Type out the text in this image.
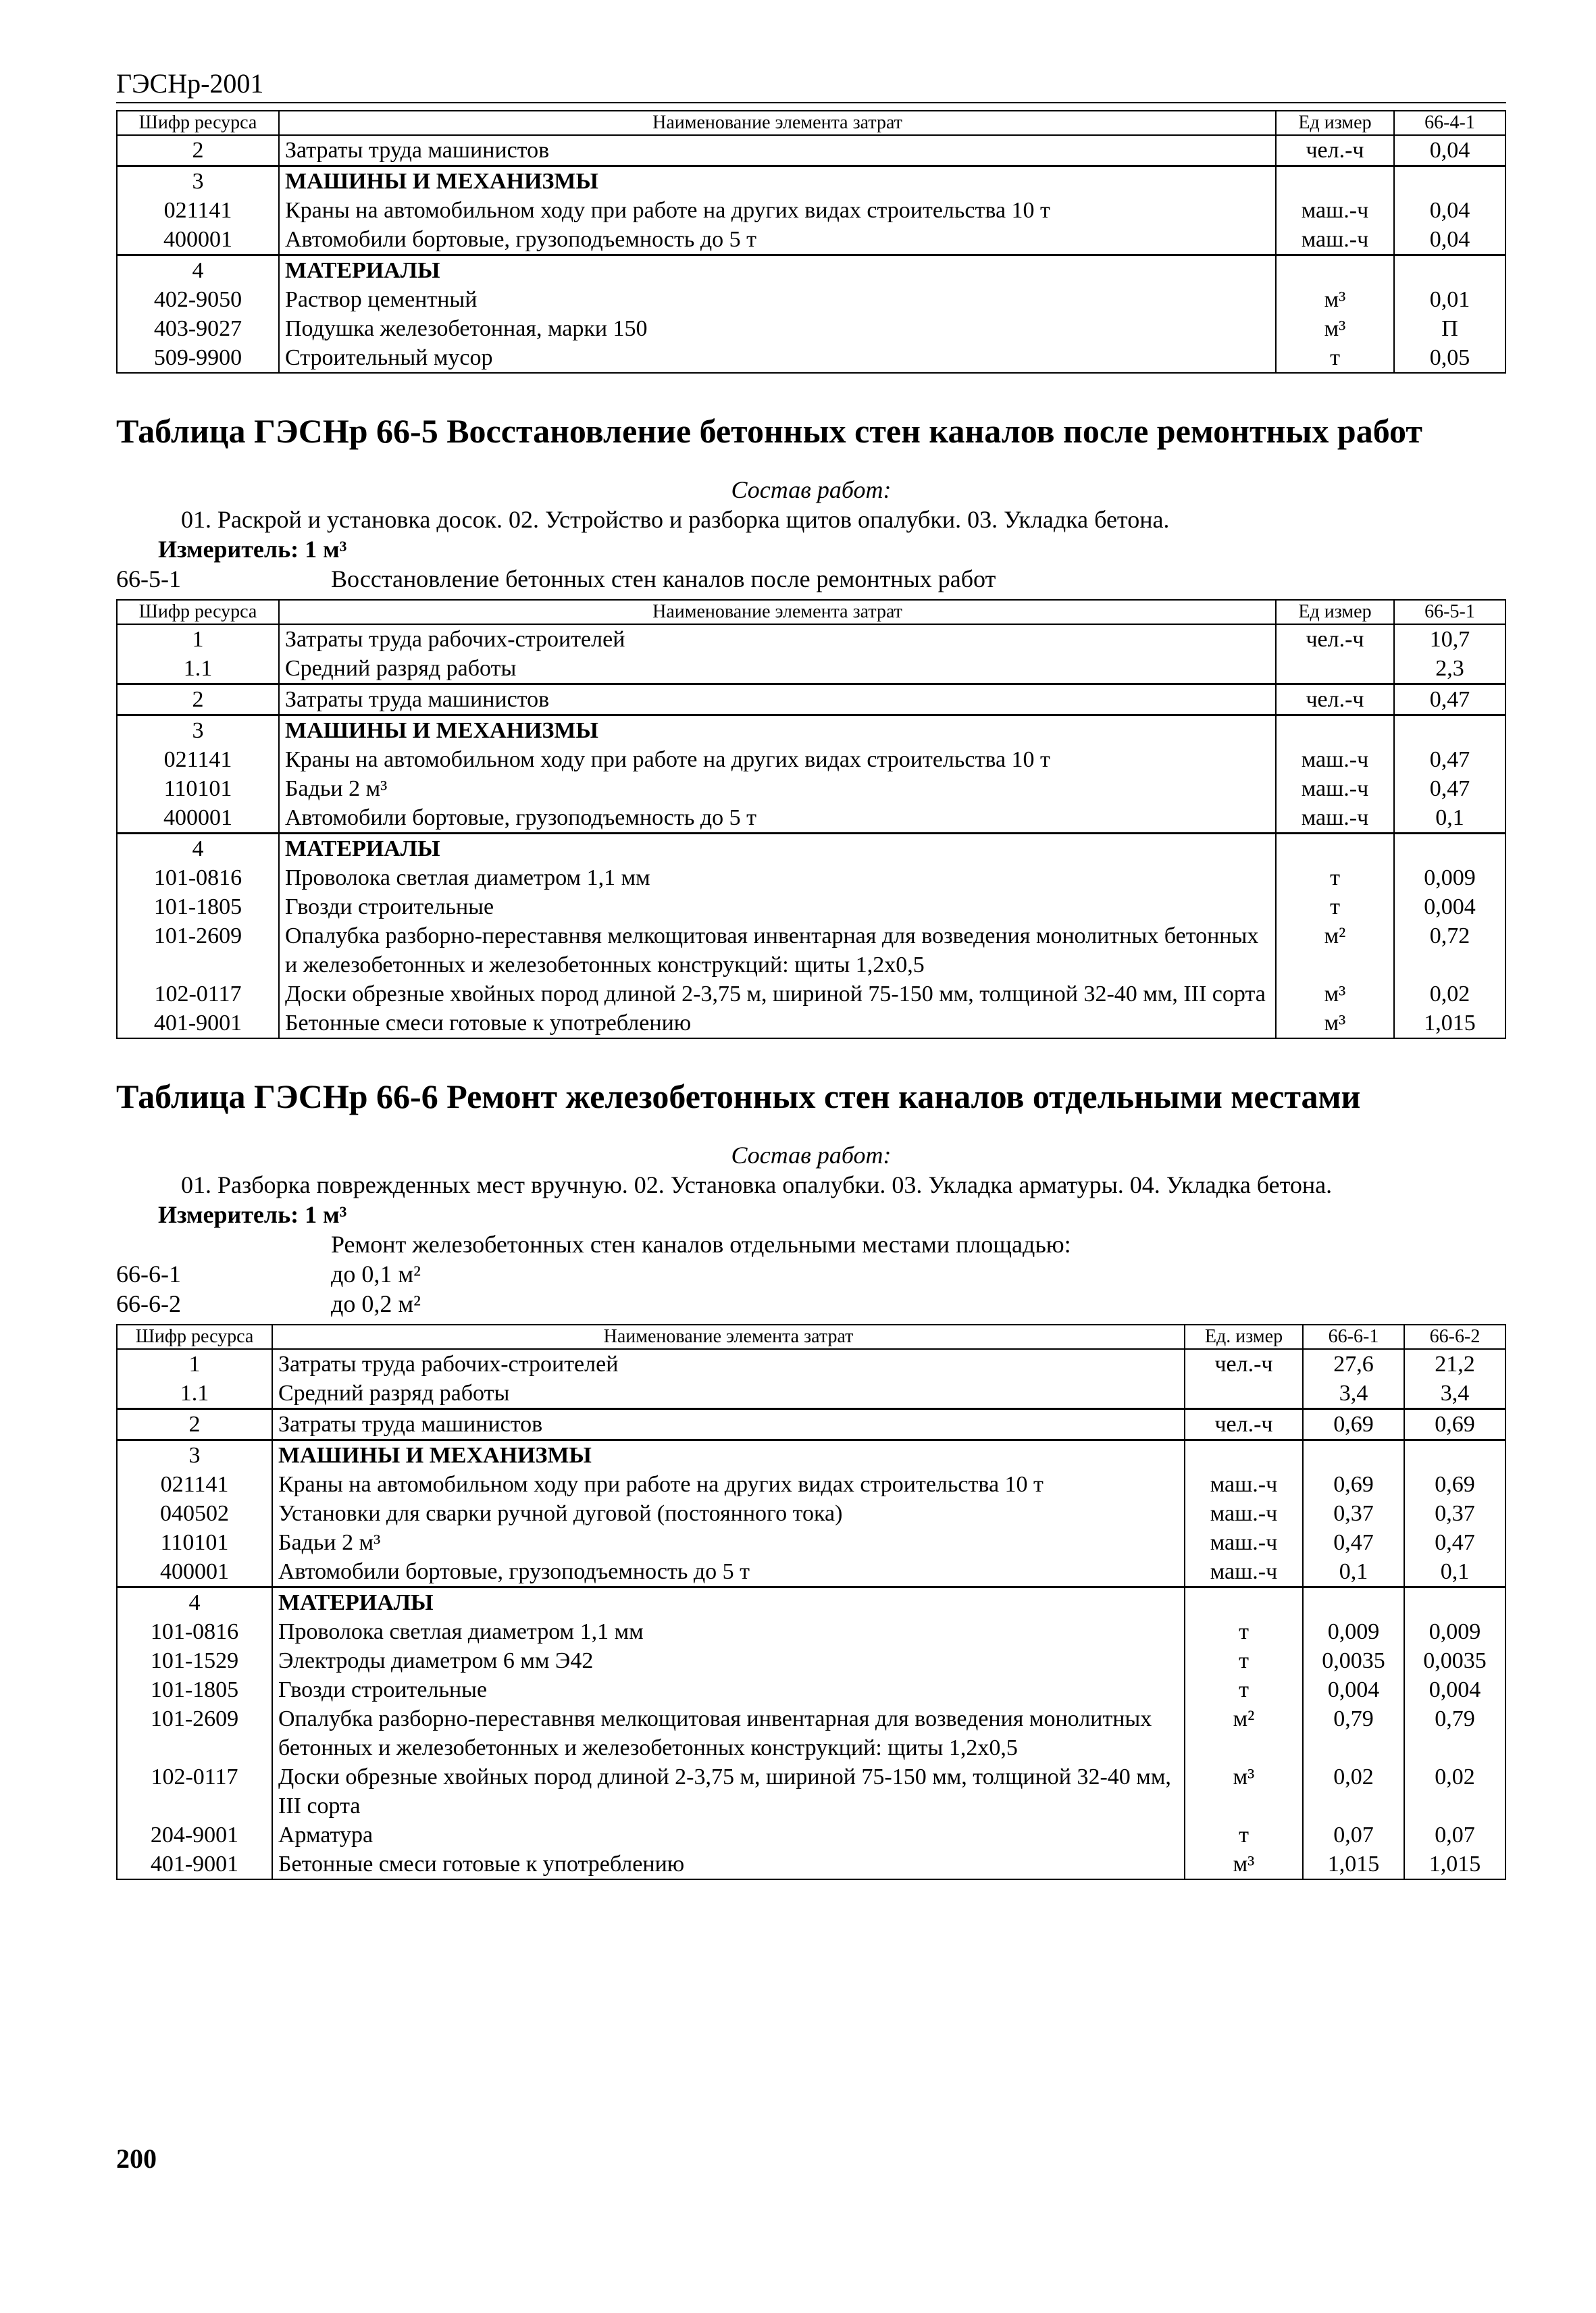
ГЭСНр-2001
Шифр ресурса	Наименование элемента затрат	Ед измер	66-4-1
2	Затраты труда машинистов	чел.-ч	0,04
3	МАШИНЫ И МЕХАНИЗМЫ		
021141	Краны на автомобильном ходу при работе на других видах строительства 10 т	маш.-ч	0,04
400001	Автомобили бортовые, грузоподъемность до 5 т	маш.-ч	0,04
4	МАТЕРИАЛЫ		
402-9050	Раствор цементный	м³	0,01
403-9027	Подушка железобетонная, марки 150	м³	П
509-9900	Строительный мусор	т	0,05
Таблица ГЭСНр 66-5 Восстановление бетонных стен каналов после ремонтных работ
Состав работ:
01. Раскрой и установка досок. 02. Устройство и разборка щитов опалубки. 03. Укладка бетона.
Измеритель: 1 м³
66-5-1	Восстановление бетонных стен каналов после ремонтных работ
Шифр ресурса	Наименование элемента затрат	Ед измер	66-5-1
1	Затраты труда рабочих-строителей	чел.-ч	10,7
1.1	Средний разряд работы		2,3
2	Затраты труда машинистов	чел.-ч	0,47
3	МАШИНЫ И МЕХАНИЗМЫ		
021141	Краны на автомобильном ходу при работе на других видах строительства 10 т	маш.-ч	0,47
110101	Бадьи 2 м³	маш.-ч	0,47
400001	Автомобили бортовые, грузоподъемность до 5 т	маш.-ч	0,1
4	МАТЕРИАЛЫ		
101-0816	Проволока светлая диаметром 1,1 мм	т	0,009
101-1805	Гвозди строительные	т	0,004
101-2609	Опалубка разборно-переставнвя мелкощитовая инвентарная для возведения монолитных бетонных и железобетонных и железобетонных конструкций: щиты 1,2х0,5	м²	0,72
102-0117	Доски обрезные хвойных пород длиной 2-3,75 м, шириной 75-150 мм, толщиной 32-40 мм, III сорта	м³	0,02
401-9001	Бетонные смеси готовые к употреблению	м³	1,015
Таблица ГЭСНр 66-6 Ремонт железобетонных стен каналов отдельными местами
Состав работ:
01. Разборка поврежденных мест вручную. 02. Установка опалубки. 03. Укладка арматуры. 04. Укладка бетона.
Измеритель: 1 м³
Ремонт железобетонных стен каналов отдельными местами площадью:
66-6-1	до 0,1 м²
66-6-2	до 0,2 м²
Шифр ресурса	Наименование элемента затрат	Ед. измер	66-6-1	66-6-2
1	Затраты труда рабочих-строителей	чел.-ч	27,6	21,2
1.1	Средний разряд работы		3,4	3,4
2	Затраты труда машинистов	чел.-ч	0,69	0,69
3	МАШИНЫ И МЕХАНИЗМЫ			
021141	Краны на автомобильном ходу при работе на других видах строительства 10 т	маш.-ч	0,69	0,69
040502	Установки для сварки ручной дуговой (постоянного тока)	маш.-ч	0,37	0,37
110101	Бадьи 2 м³	маш.-ч	0,47	0,47
400001	Автомобили бортовые, грузоподъемность до 5 т	маш.-ч	0,1	0,1
4	МАТЕРИАЛЫ			
101-0816	Проволока светлая диаметром 1,1 мм	т	0,009	0,009
101-1529	Электроды диаметром 6 мм Э42	т	0,0035	0,0035
101-1805	Гвозди строительные	т	0,004	0,004
101-2609	Опалубка разборно-переставнвя мелкощитовая инвентарная для возведения монолитных бетонных и железобетонных и железобетонных конструкций: щиты 1,2х0,5	м²	0,79	0,79
102-0117	Доски обрезные хвойных пород длиной 2-3,75 м, шириной 75-150 мм, толщиной 32-40 мм, III сорта	м³	0,02	0,02
204-9001	Арматура	т	0,07	0,07
401-9001	Бетонные смеси готовые к употреблению	м³	1,015	1,015
200
